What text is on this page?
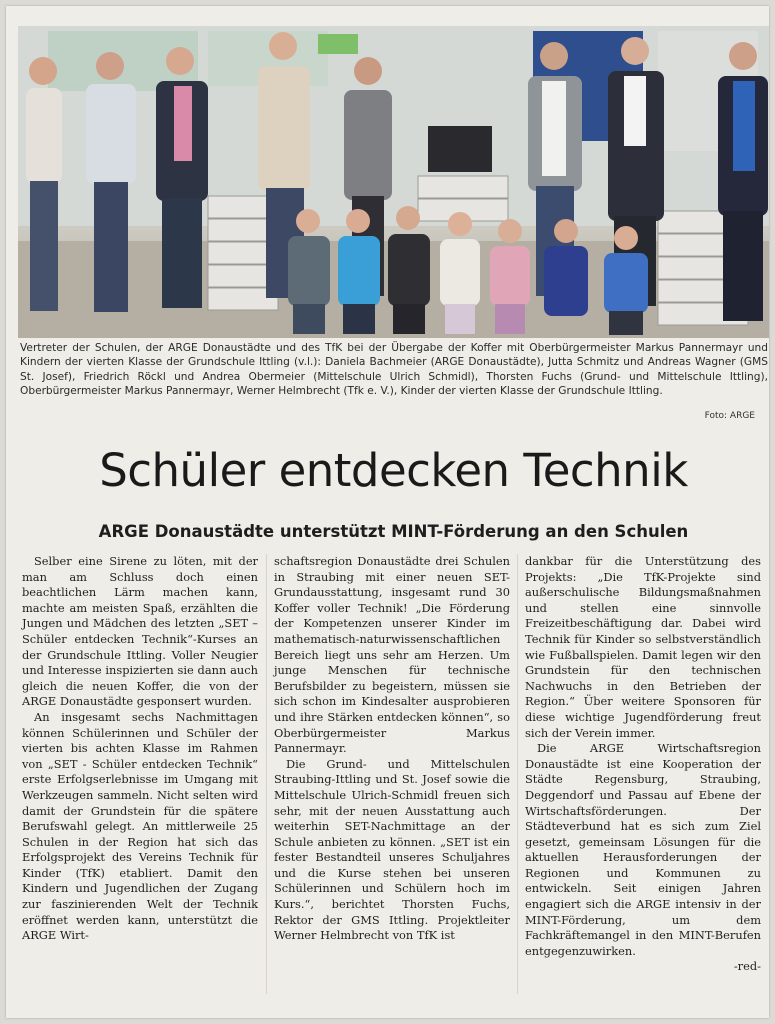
Vertreter der Schulen, der ARGE Donaustädte und des TfK bei der Übergabe der Koffer mit Oberbürgermeister Markus Pannermayr und Kindern der vierten Klasse der Grundschule Ittling (v.l.): Daniela Bachmeier (ARGE Donaustädte), Jutta Schmitz und Andreas Wagner (GMS St. Josef), Friedrich Röckl und Andrea Obermeier (Mittelschule Ulrich Schmidl), Thorsten Fuchs (Grund- und Mittelschule Ittling), Oberbürgermeister Markus Pannermayr, Werner Helmbrecht (Tfk e. V.), Kinder der vierten Klasse der Grundschule Ittling.

Foto: ARGE
Schüler entdecken Technik
ARGE Donaustädte unterstützt MINT-Förderung an den Schulen

Selber eine Sirene zu löten, mit der man am Schluss doch einen beachtlichen Lärm machen kann, machte am meisten Spaß, erzählten die Jungen und Mädchen des letzten „SET – Schüler entdecken Technik“-Kurses an der Grundschule Ittling. Voller Neugier und Interesse inspizierten sie dann auch gleich die neuen Koffer, die von der ARGE Donaustädte gesponsert wurden.

An insgesamt sechs Nachmittagen können Schülerinnen und Schüler der vierten bis achten Klasse im Rahmen von „SET - Schüler entdecken Technik“ erste Erfolgserlebnisse im Umgang mit Werkzeugen sammeln. Nicht selten wird damit der Grundstein für die spätere Berufswahl gelegt. An mittlerweile 25 Schulen in der Region hat sich das Erfolgsprojekt des Vereins Technik für Kinder (TfK) etabliert. Damit den Kindern und Jugendlichen der Zugang zur faszinierenden Welt der Technik eröffnet werden kann, unterstützt die ARGE Wirt-

schaftsregion Donaustädte drei Schulen in Straubing mit einer neuen SET-Grundausstattung, insgesamt rund 30 Koffer voller Technik! „Die Förderung der Kompetenzen unserer Kinder im mathematisch-naturwissenschaftlichen Bereich liegt uns sehr am Herzen. Um junge Menschen für technische Berufsbilder zu begeistern, müssen sie sich schon im Kindesalter ausprobieren und ihre Stärken entdecken können“, so Oberbürgermeister Markus Pannermayr.

Die Grund- und Mittelschulen Straubing-Ittling und St. Josef sowie die Mittelschule Ulrich-Schmidl freuen sich sehr, mit der neuen Ausstattung auch weiterhin SET-Nachmittage an der Schule anbieten zu können. „SET ist ein fester Bestandteil unseres Schuljahres und die Kurse stehen bei unseren Schülerinnen und Schülern hoch im Kurs.“, berichtet Thorsten Fuchs, Rektor der GMS Ittling. Projektleiter Werner Helmbrecht von TfK ist

dankbar für die Unterstützung des Projekts: „Die TfK-Projekte sind außerschulische Bildungsmaßnahmen und stellen eine sinnvolle Freizeitbeschäftigung dar. Dabei wird Technik für Kinder so selbstverständlich wie Fußballspielen. Damit legen wir den Grundstein für den technischen Nachwuchs in den Betrieben der Region.“ Über weitere Sponsoren für diese wichtige Jugendförderung freut sich der Verein immer.

Die ARGE Wirtschaftsregion Donaustädte ist eine Kooperation der Städte Regensburg, Straubing, Deggendorf und Passau auf Ebene der Wirtschaftsförderungen. Der Städteverbund hat es sich zum Ziel gesetzt, gemeinsam Lösungen für die aktuellen Herausforderungen der Regionen und Kommunen zu entwickeln. Seit einigen Jahren engagiert sich die ARGE intensiv in der MINT-Förderung, um dem Fachkräftemangel in den MINT-Berufen entgegenzuwirken.

-red-
